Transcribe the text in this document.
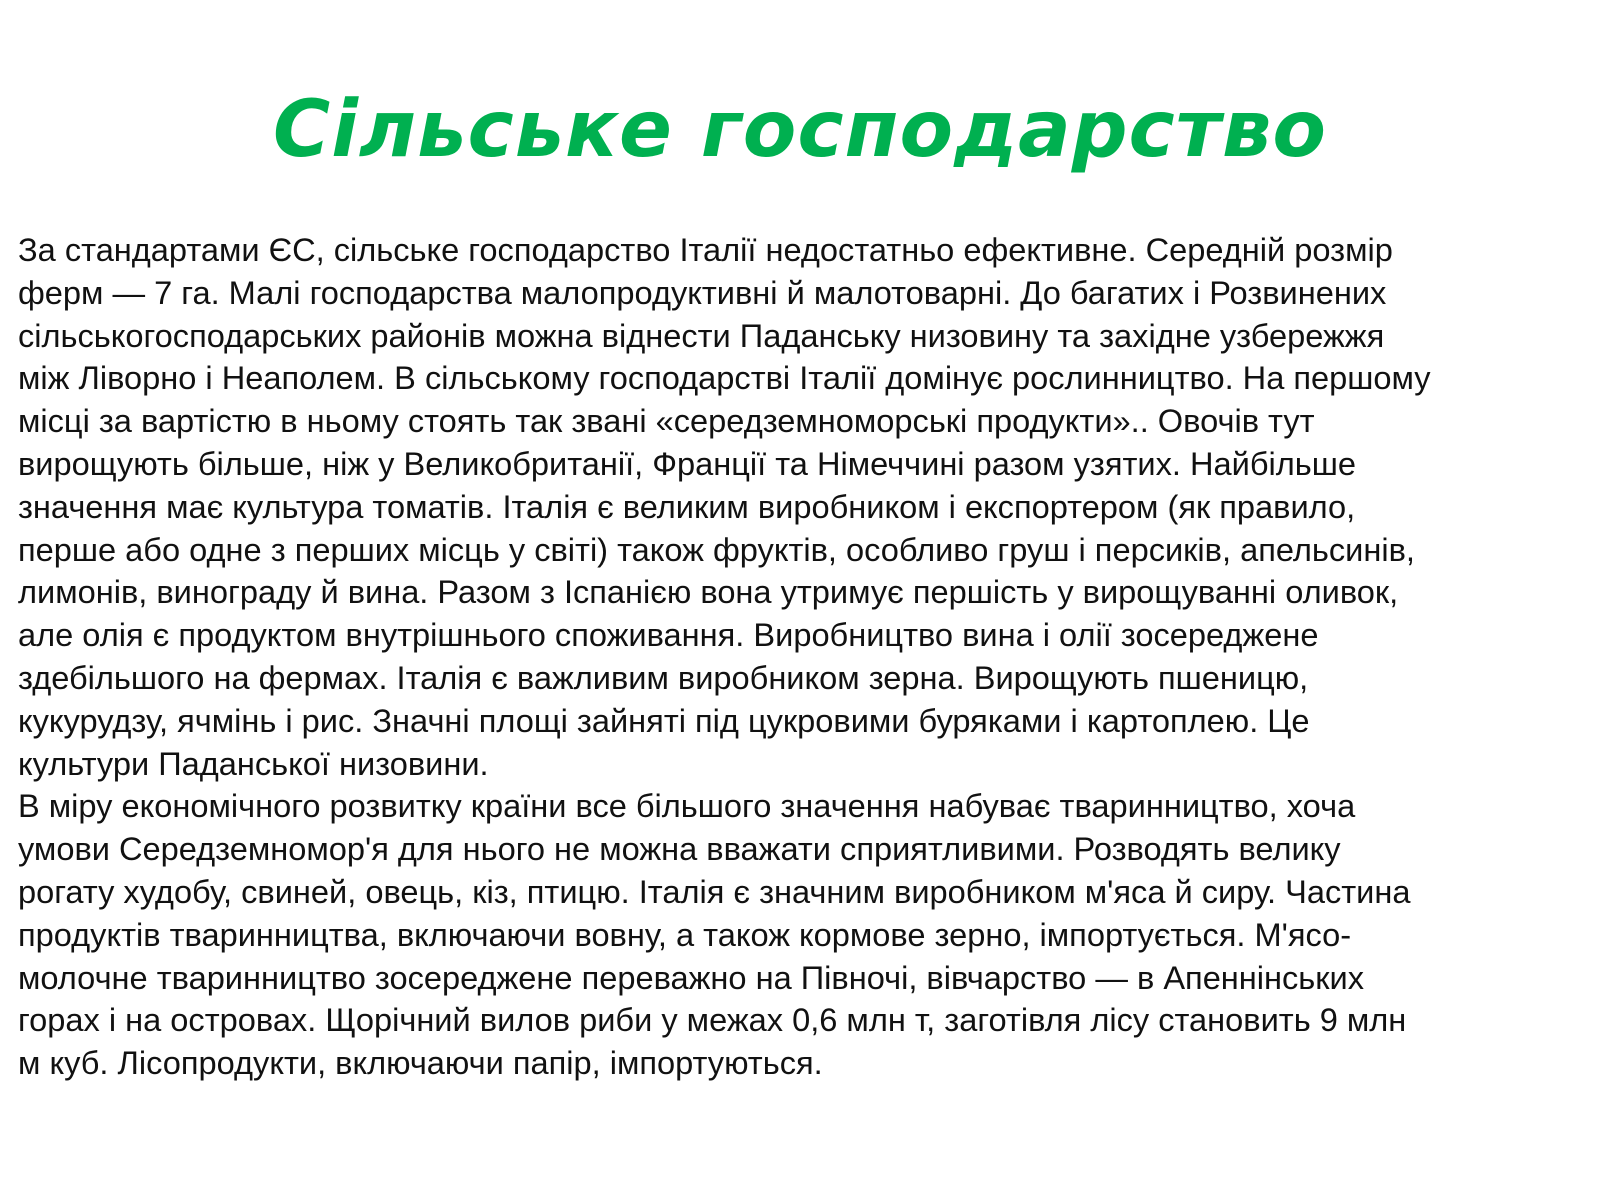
Сільське господарство
За стандартами ЄС, сільське господарство Італії недостатньо ефективне. Середній розмір
ферм — 7 га. Малі господарства малопродуктивні й малотоварні. До багатих і Розвинених
сільськогосподарських районів можна віднести Паданську низовину та західне узбережжя
між Ліворно і Неаполем. В сільському господарстві Італії домінує рослинництво. На першому
місці за вартістю в ньому стоять так звані «середземноморські продукти».. Овочів тут
вирощують більше, ніж у Великобританії, Франції та Німеччині разом узятих. Найбільше
значення має культура томатів. Італія є великим виробником і експортером (як правило,
перше або одне з перших місць у світі) також фруктів, особливо груш і персиків, апельсинів,
лимонів, винограду й вина. Разом з Іспанією вона утримує першість у вирощуванні оливок,
але олія є продуктом внутрішнього споживання. Виробництво вина і олії зосереджене
здебільшого на фермах. Італія є важливим виробником зерна. Вирощують пшеницю,
кукурудзу, ячмінь і рис. Значні площі зайняті під цукровими буряками і картоплею. Це
культури Паданської низовини.
В міру економічного розвитку країни все більшого значення набуває тваринництво, хоча
умови Середземномор'я для нього не можна вважати сприятливими. Розводять велику
рогату худобу, свиней, овець, кіз, птицю. Італія є значним виробником м'яса й сиру. Частина
продуктів тваринництва, включаючи вовну, а також кормове зерно, імпортується. М'ясо-
молочне тваринництво зосереджене переважно на Півночі, вівчарство — в Апеннінських
горах і на островах. Щорічний вилов риби у межах 0,6 млн т, заготівля лісу становить 9 млн
м куб. Лісопродукти, включаючи папір, імпортуються.
